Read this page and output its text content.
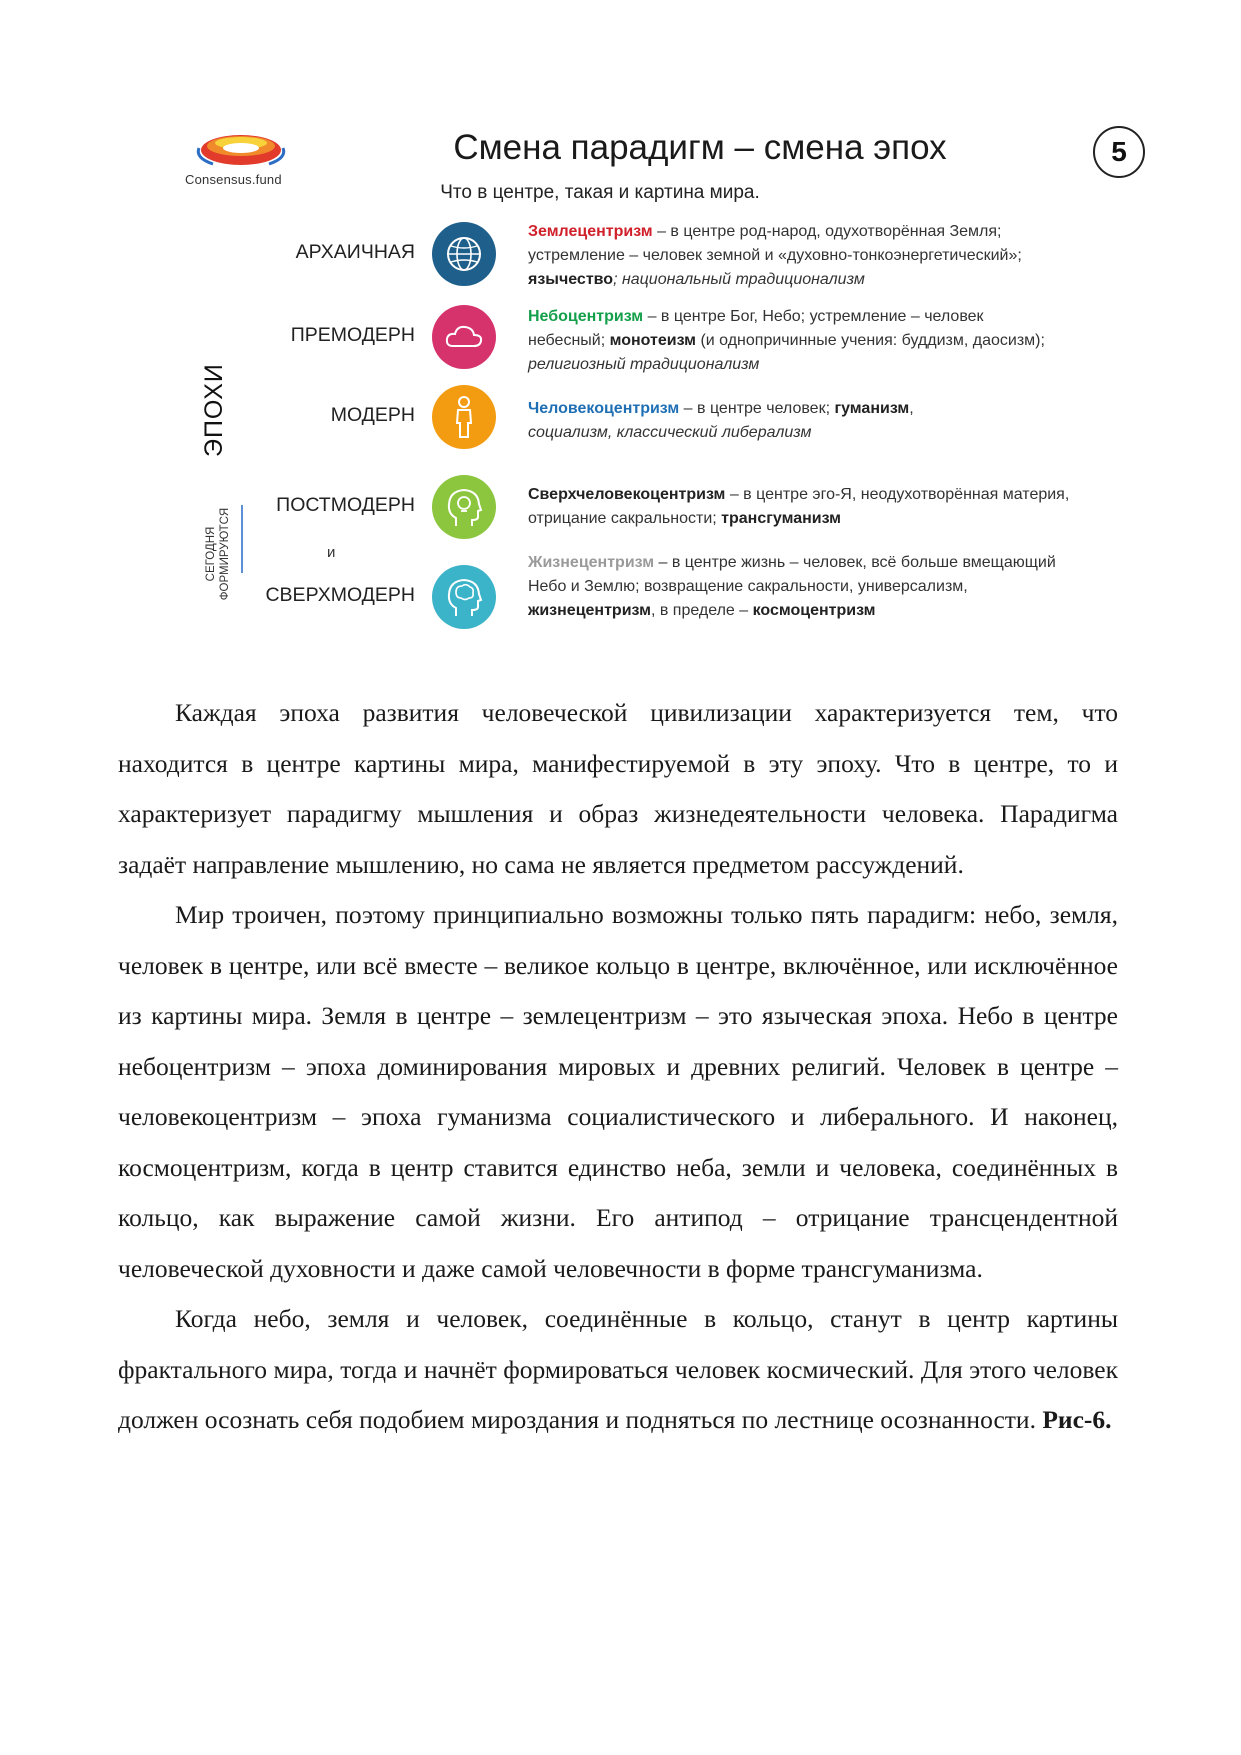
Consensus.fund
Смена парадигм – смена эпох	5
Что в центре, такая и картина мира.
ЭПОХИ
СЕГОДНЯ ФОРМИРУЮТСЯ
АРХАИЧНАЯ
ПРЕМОДЕРН
МОДЕРН
ПОСТМОДЕРН
и
СВЕРХМОДЕРН
Землецентризм – в центре род-народ, одухотворённая Земля;
устремление – человек земной и «духовно-тонкоэнергетический»;
язычество; национальный традиционализм
Небоцентризм – в центре Бог, Небо; устремление – человек
небесный; монотеизм (и однопричинные учения: буддизм, даосизм);
религиозный традиционализм
Человекоцентризм – в центре человек; гуманизм,
социализм, классический либерализм
Сверхчеловекоцентризм – в центре эго-Я, неодухотворённая материя,
отрицание сакральности; трансгуманизм
Жизнецентризм – в центре жизнь – человек, всё больше вмещающий
Небо и Землю; возвращение сакральности, универсализм,
жизнецентризм, в пределе – космоцентризм

Каждая эпоха развития человеческой цивилизации характеризуется тем, что находится в центре картины мира, манифестируемой в эту эпоху. Что в центре, то и характеризует парадигму мышления и образ жизнедеятельности человека. Парадигма задаёт направление мышлению, но сама не является предметом рассуждений.

Мир троичен, поэтому принципиально возможны только пять парадигм: небо, земля, человек в центре, или всё вместе – великое кольцо в центре, включённое, или исключённое из картины мира. Земля в центре – землецентризм – это языческая эпоха. Небо в центре небоцентризм – эпоха доминирования мировых и древних религий. Человек в центре – человекоцентризм – эпоха гуманизма социалистического и либерального. И наконец, космоцентризм, когда в центр ставится единство неба, земли и человека, соединённых в кольцо, как выражение самой жизни. Его антипод – отрицание трансцендентной человеческой духовности и даже самой человечности в форме трансгуманизма.

Когда небо, земля и человек, соединённые в кольцо, станут в центр картины фрактального мира, тогда и начнёт формироваться человек космический. Для этого человек должен осознать себя подобием мироздания и подняться по лестнице осознанности. Рис-6.
